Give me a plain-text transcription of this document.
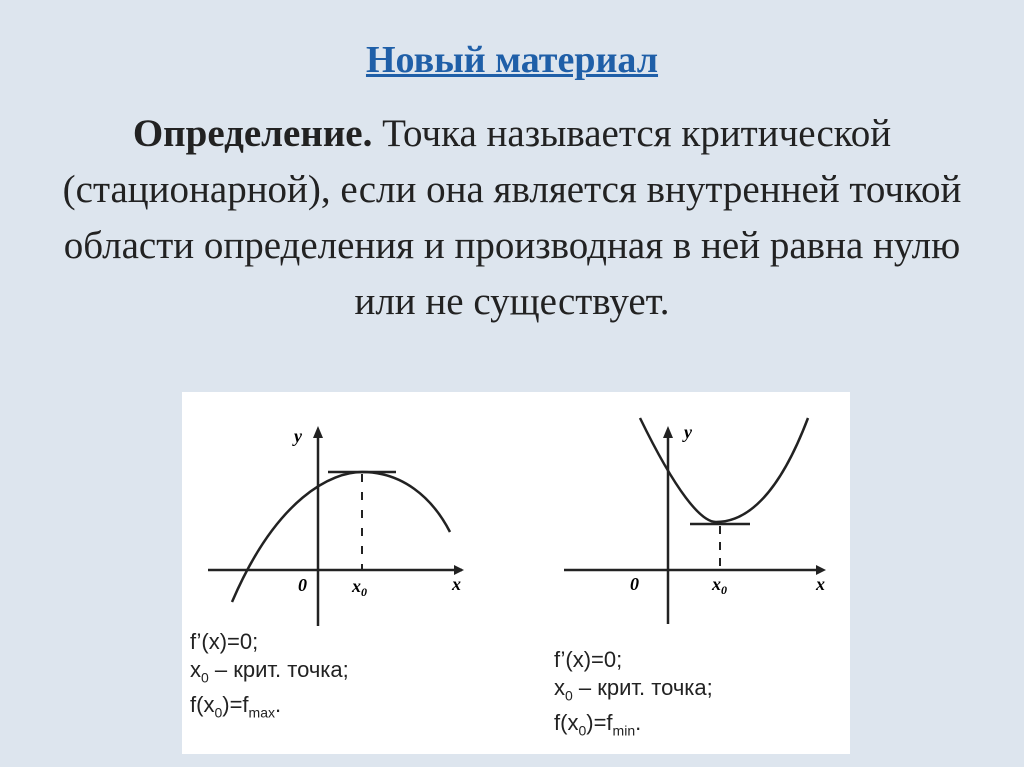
Новый материал
Определение. Точка называется критической (стационарной), если она является внутренней точкой области определения и производная в ней равна нулю или не существует.
y
x
0	$x_0$
f’(x)=0;
$x_0$ – крит. точка;
$f(x_0)=f_{max}$.
y
x
0	$x_0$
f’(x)=0;
$x_0$ – крит. точка;
$f(x_0)=f_{min}$.
